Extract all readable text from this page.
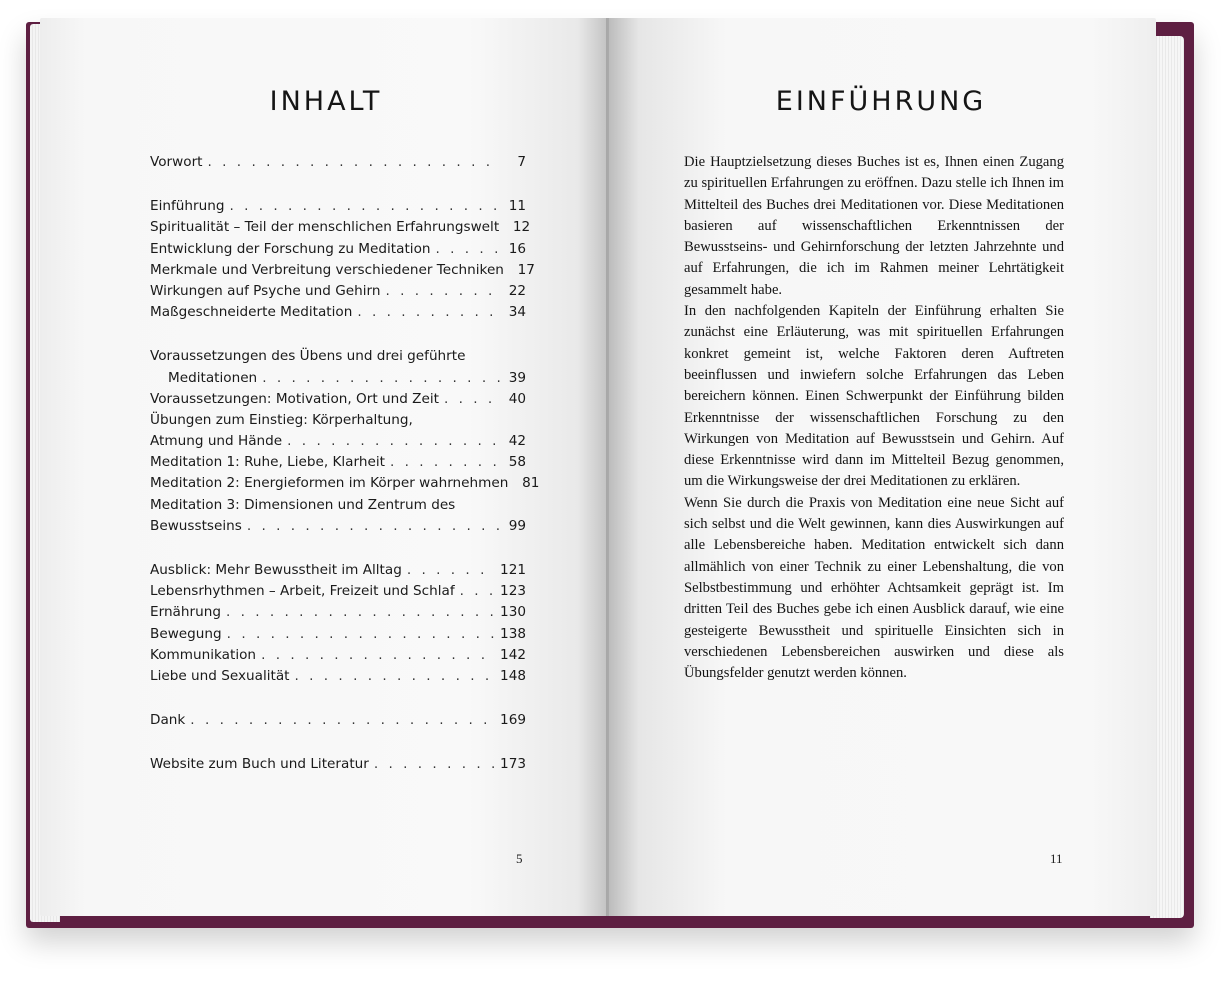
INHALT	EINFÜHRUNG
Vorwort . . .	7
Einführung . . .	11
Spiritualität – Teil der menschlichen Erfahrungswelt	12
Entwicklung der Forschung zu Meditation . . .	16
Merkmale und Verbreitung verschiedener Techniken	17
Wirkungen auf Psyche und Gehirn . . .	22
Maßgeschneiderte Meditation . . .	34
Voraussetzungen des Übens und drei geführte
Meditationen . . .	39
Voraussetzungen: Motivation, Ort und Zeit . . .	40
Übungen zum Einstieg: Körperhaltung,
Atmung und Hände . . .	42
Meditation 1: Ruhe, Liebe, Klarheit . . .	58
Meditation 2: Energieformen im Körper wahrnehmen	81
Meditation 3: Dimensionen und Zentrum des
Bewusstseins . . .	99
Ausblick: Mehr Bewusstheit im Alltag . . .	121
Lebensrhythmen – Arbeit, Freizeit und Schlaf . . .	123
Ernährung . . .	130
Bewegung . . .	138
Kommunikation . . .	142
Liebe und Sexualität . . .	148
Dank . . .	169
Website zum Buch und Literatur . . .	173

Die Hauptzielsetzung dieses Buches ist es, Ihnen einen Zugang zu spirituellen Erfahrungen zu eröffnen. Dazu stelle ich Ihnen im Mittelteil des Buches drei Meditationen vor. Diese Meditationen basieren auf wissenschaftlichen Erkenntnissen der Bewusstseins- und Gehirnforschung der letzten Jahrzehnte und auf Erfahrungen, die ich im Rahmen meiner Lehrtätigkeit gesammelt habe.

In den nachfolgenden Kapiteln der Einführung erhalten Sie zunächst eine Erläuterung, was mit spirituellen Erfahrungen konkret gemeint ist, welche Faktoren deren Auftreten beeinflussen und inwiefern solche Erfahrungen das Leben bereichern können. Einen Schwerpunkt der Einführung bilden Erkenntnisse der wissenschaftlichen Forschung zu den Wirkungen von Meditation auf Bewusstsein und Gehirn. Auf diese Erkenntnisse wird dann im Mittelteil Bezug genommen, um die Wirkungsweise der drei Meditationen zu erklären.

Wenn Sie durch die Praxis von Meditation eine neue Sicht auf sich selbst und die Welt gewinnen, kann dies Auswirkungen auf alle Lebensbereiche haben. Meditation entwickelt sich dann allmählich von einer Technik zu einer Lebenshaltung, die von Selbstbestimmung und erhöhter Achtsamkeit geprägt ist. Im dritten Teil des Buches gebe ich einen Ausblick darauf, wie eine gesteigerte Bewusstheit und spirituelle Einsichten sich in verschiedenen Lebensbereichen auswirken und diese als Übungsfelder genutzt werden können.

5	11
